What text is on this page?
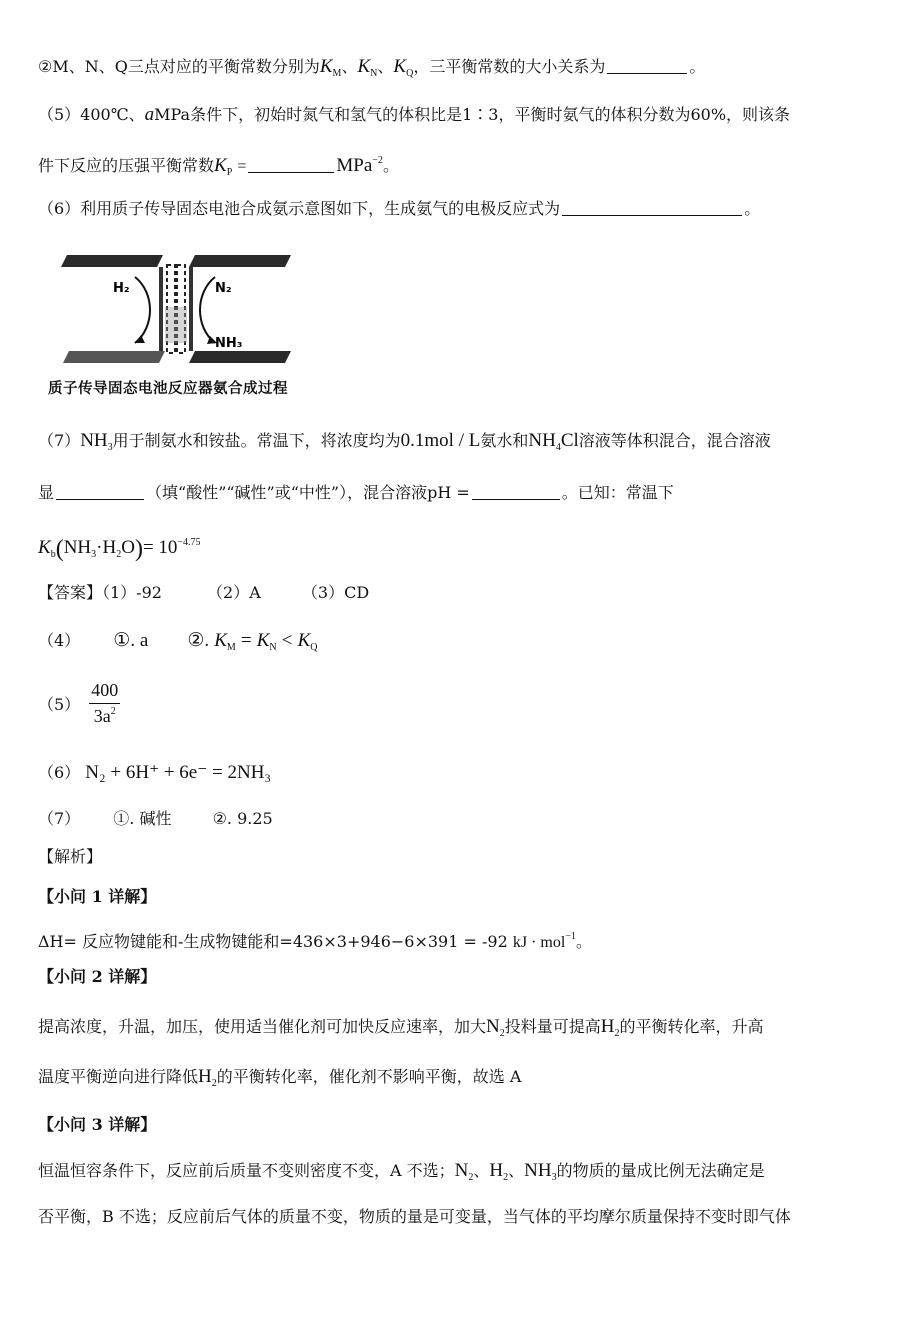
②M、N、Q三点对应的平衡常数分别为$K_M$、$K_N$、$K_Q$，三平衡常数的大小关系为	。
（5）400℃、aMPa条件下，初始时氮气和氢气的体积比是1∶3，平衡时氨气的体积分数为60%，则该条
件下反应的压强平衡常数$K_P$ =	MPa$^{-2}$。
（6）利用质子传导固态电池合成氨示意图如下，生成氨气的电极反应式为	。
H₂	N₂
NH₃
质子传导固态电池反应器氨合成过程
$(7)NH_3$用于制氨水和铵盐。常温下，将浓度均为0.1mol / L氨水和$NH_4Cl$溶液等体积混合，混合溶液
显	（填“酸性”“碱性”或“中性”），混合溶液pH =	。已知：常温下
$K_b(NH_3\cdot H_2O)= 10^{-4.75}$
【答案】（1）-92	（2）A	（3）CD
（4） ①. a ②. $K_M = K_N < K_Q$
$(5) \frac{400}{3a^2}$
（6） N₂ + 6H⁺ + 6e⁻ = 2NH₃
（7） ①. 碱性	②. 9.25
【解析】
【小问 1 详解】
ΔH= 反应物键能和-生成物键能和=436×3+946−6×391 = -92 kJ · mol$^{-1}$。
【小问 2 详解】
提高浓度，升温，加压，使用适当催化剂可加快反应速率，加大$N_2$投料量可提高$H_2$的平衡转化率，升高
温度平衡逆向进行降低$H_2$的平衡转化率，催化剂不影响平衡，故选 A
【小问 3 详解】
恒温恒容条件下，反应前后质量不变则密度不变，A 不选；$N_2$、$H_2$、$NH_3$的物质的量成比例无法确定是
否平衡，B 不选；反应前后气体的质量不变，物质的量是可变量，当气体的平均摩尔质量保持不变时即气体
